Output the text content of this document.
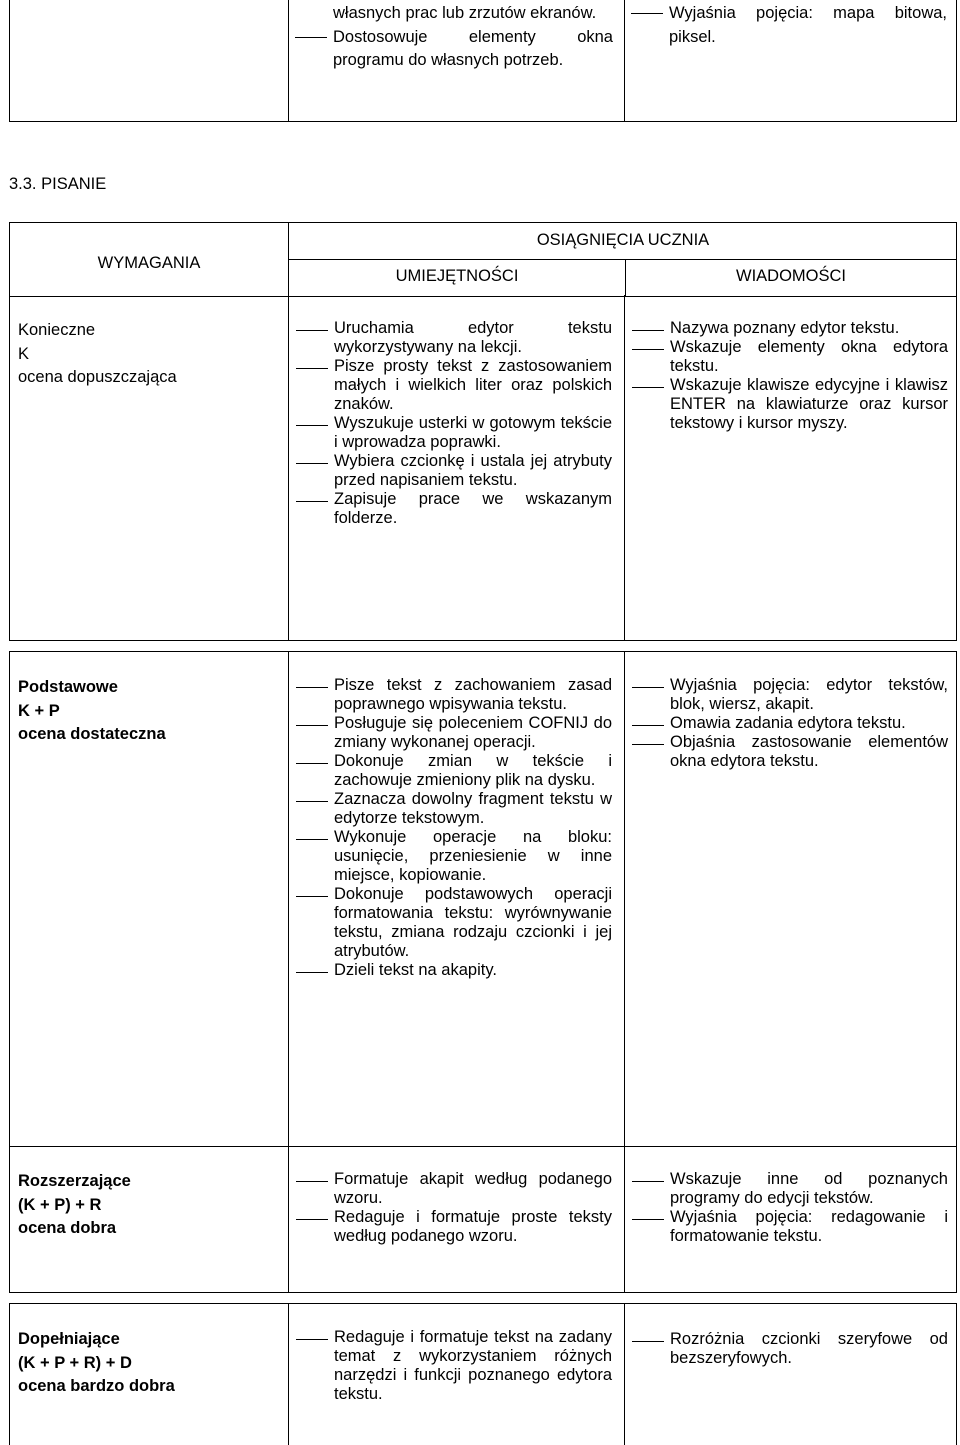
własnych prac lub zrzutów ekranów.
Dostosowuje elementy okna programu do własnych potrzeb.
Wyjaśnia pojęcia: mapa bitowa, piksel.
3.3. PISANIE
WYMAGANIA
OSIĄGNIĘCIA UCZNIA
UMIEJĘTNOŚCI	WIADOMOŚCI
Konieczne
K
ocena dopuszczająca
Uruchamia edytor tekstu wykorzystywany na lekcji.
Pisze prosty tekst z zastosowaniem małych i wielkich liter oraz polskich znaków.
Wyszukuje usterki w gotowym tekście i wprowadza poprawki.
Wybiera czcionkę i ustala jej atrybuty przed napisaniem tekstu.
Zapisuje prace we wskazanym folderze.
Nazywa poznany edytor tekstu.
Wskazuje elementy okna edytora tekstu.
Wskazuje klawisze edycyjne i klawisz ENTER na klawiaturze oraz kursor tekstowy i kursor myszy.
Podstawowe
K + P
ocena dostateczna
Pisze tekst z zachowaniem zasad poprawnego wpisywania tekstu.
Posługuje się poleceniem COFNIJ do zmiany wykonanej operacji.
Dokonuje zmian w tekście i zachowuje zmieniony plik na dysku.
Zaznacza dowolny fragment tekstu w edytorze tekstowym.
Wykonuje operacje na bloku: usunięcie, przeniesienie w inne miejsce, kopiowanie.
Dokonuje podstawowych operacji formatowania tekstu: wyrównywanie tekstu, zmiana rodzaju czcionki i jej atrybutów.
Dzieli tekst na akapity.
Wyjaśnia pojęcia: edytor tekstów, blok, wiersz, akapit.
Omawia zadania edytora tekstu.
Objaśnia zastosowanie elementów okna edytora tekstu.
Rozszerzające
(K + P) + R
ocena dobra
Formatuje akapit według podanego wzoru.
Redaguje i formatuje proste teksty według podanego wzoru.
Wskazuje inne od poznanych programy do edycji tekstów.
Wyjaśnia pojęcia: redagowanie i formatowanie tekstu.
Dopełniające
(K + P + R) + D
ocena bardzo dobra
Redaguje i formatuje tekst na zadany temat z wykorzystaniem różnych narzędzi i funkcji poznanego edytora tekstu.
Rozróżnia czcionki szeryfowe od bezszeryfowych.
